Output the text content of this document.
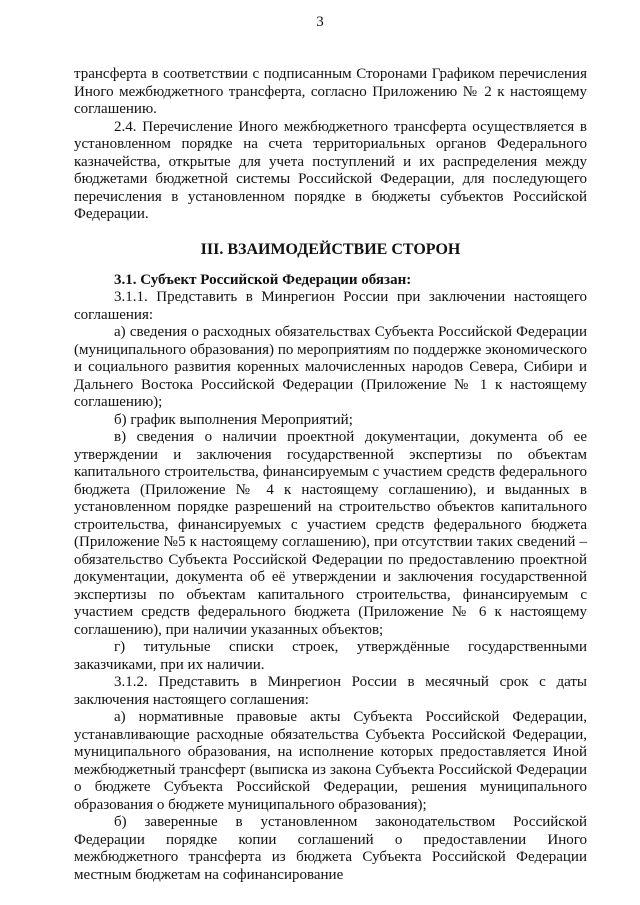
3

трансферта в соответствии с подписанным Сторонами Графиком перечисления Иного межбюджетного трансферта, согласно Приложению № 2 к настоящему соглашению.

2.4. Перечисление Иного межбюджетного трансферта осуществляется в установленном порядке на счета территориальных органов Федерального казначейства, открытые для учета поступлений и их распределения между бюджетами бюджетной системы Российской Федерации, для последующего перечисления в установленном порядке в бюджеты субъектов Российской Федерации.

III. ВЗАИМОДЕЙСТВИЕ СТОРОН

3.1. Субъект Российской Федерации обязан:

3.1.1. Представить в Минрегион России при заключении настоящего соглашения:

а) сведения о расходных обязательствах Субъекта Российской Федерации (муниципального образования) по мероприятиям по поддержке экономического и социального развития коренных малочисленных народов Севера, Сибири и Дальнего Востока Российской Федерации (Приложение № 1 к настоящему соглашению);

б) график выполнения Мероприятий;

в) сведения о наличии проектной документации, документа об ее утверждении и заключения государственной экспертизы по объектам капитального строительства, финансируемым с участием средств федерального бюджета (Приложение № 4 к настоящему соглашению), и выданных в установленном порядке разрешений на строительство объектов капитального строительства, финансируемых с участием средств федерального бюджета (Приложение №5 к настоящему соглашению), при отсутствии таких сведений – обязательство Субъекта Российской Федерации по предоставлению проектной документации, документа об её утверждении и заключения государственной экспертизы по объектам капитального строительства, финансируемым с участием средств федерального бюджета (Приложение № 6 к настоящему соглашению), при наличии указанных объектов;

г) титульные списки строек, утверждённые государственными заказчиками, при их наличии.

3.1.2. Представить в Минрегион России в месячный срок с даты заключения настоящего соглашения:

а) нормативные правовые акты Субъекта Российской Федерации, устанавливающие расходные обязательства Субъекта Российской Федерации, муниципального образования, на исполнение которых предоставляется Иной межбюджетный трансферт (выписка из закона Субъекта Российской Федерации о бюджете Субъекта Российской Федерации, решения муниципального образования о бюджете муниципального образования);

б) заверенные в установленном законодательством Российской Федерации порядке копии соглашений о предоставлении Иного межбюджетного трансферта из бюджета Субъекта Российской Федерации местным бюджетам на софинансирование
